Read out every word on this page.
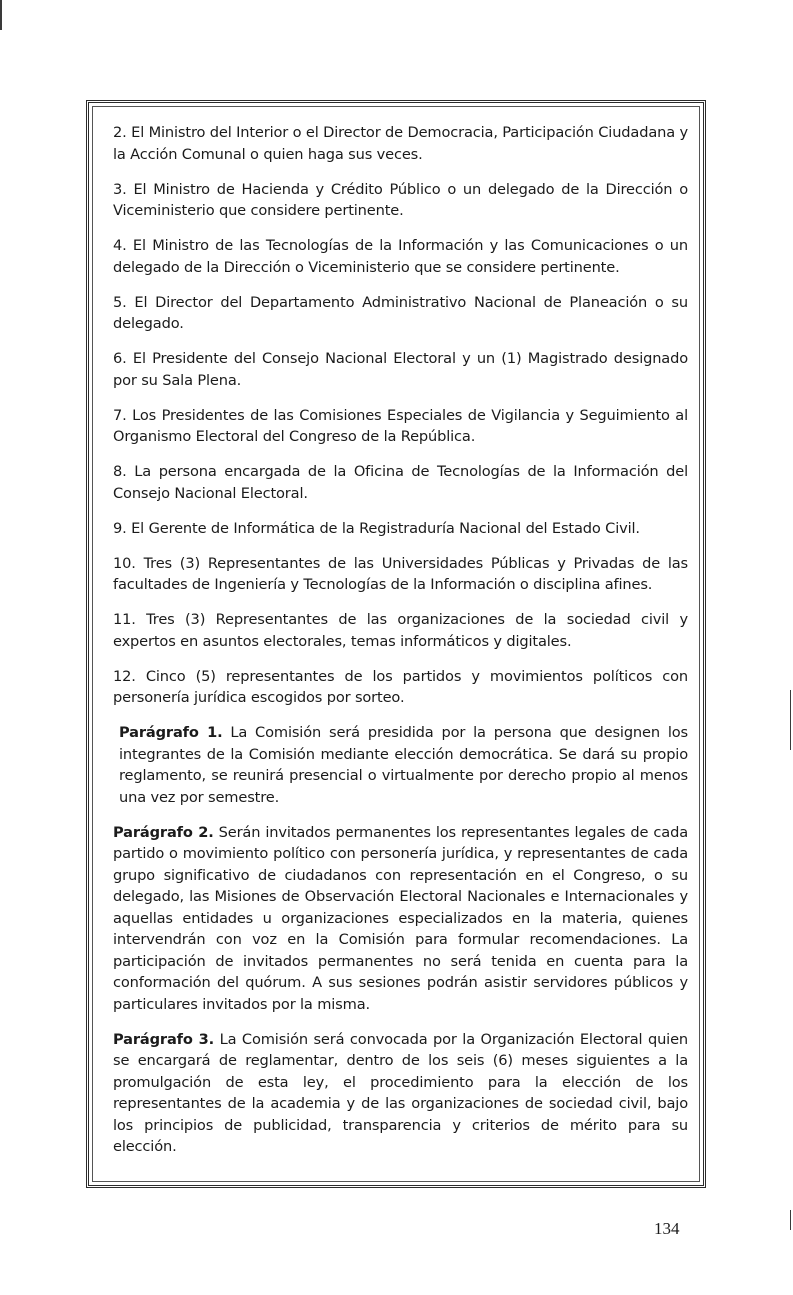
2. El Ministro del Interior o el Director de Democracia, Participación Ciudadana y la Acción Comunal o quien haga sus veces.

3. El Ministro de Hacienda y Crédito Público o un delegado de la Dirección o Viceministerio que considere pertinente.

4. El Ministro de las Tecnologías de la Información y las Comunicaciones o un delegado de la Dirección o Viceministerio que se considere pertinente.

5. El Director del Departamento Administrativo Nacional de Planeación o su delegado.

6. El Presidente del Consejo Nacional Electoral y un (1) Magistrado designado por su Sala Plena.

7. Los Presidentes de las Comisiones Especiales de Vigilancia y Seguimiento al Organismo Electoral del Congreso de la República.

8. La persona encargada de la Oficina de Tecnologías de la Información del Consejo Nacional Electoral.

9. El Gerente de Informática de la Registraduría Nacional del Estado Civil.

10. Tres (3) Representantes de las Universidades Públicas y Privadas de las facultades de Ingeniería y Tecnologías de la Información o disciplina afines.

11. Tres (3) Representantes de las organizaciones de la sociedad civil y expertos en asuntos electorales, temas informáticos y digitales.

12. Cinco (5) representantes de los partidos y movimientos políticos con personería jurídica escogidos por sorteo.

Parágrafo 1. La Comisión será presidida por la persona que designen los integrantes de la Comisión mediante elección democrática. Se dará su propio reglamento, se reunirá presencial o virtualmente por derecho propio al menos una vez por semestre.

Parágrafo 2. Serán invitados permanentes los representantes legales de cada partido o movimiento político con personería jurídica, y representantes de cada grupo significativo de ciudadanos con representación en el Congreso, o su delegado, las Misiones de Observación Electoral Nacionales e Internacionales y aquellas entidades u organizaciones especializados en la materia, quienes intervendrán con voz en la Comisión para formular recomendaciones. La participación de invitados permanentes no será tenida en cuenta para la conformación del quórum. A sus sesiones podrán asistir servidores públicos y particulares invitados por la misma.

Parágrafo 3. La Comisión será convocada por la Organización Electoral quien se encargará de reglamentar, dentro de los seis (6) meses siguientes a la promulgación de esta ley, el procedimiento para la elección de los representantes de la academia y de las organizaciones de sociedad civil, bajo los principios de publicidad, transparencia y criterios de mérito para su elección.

134
